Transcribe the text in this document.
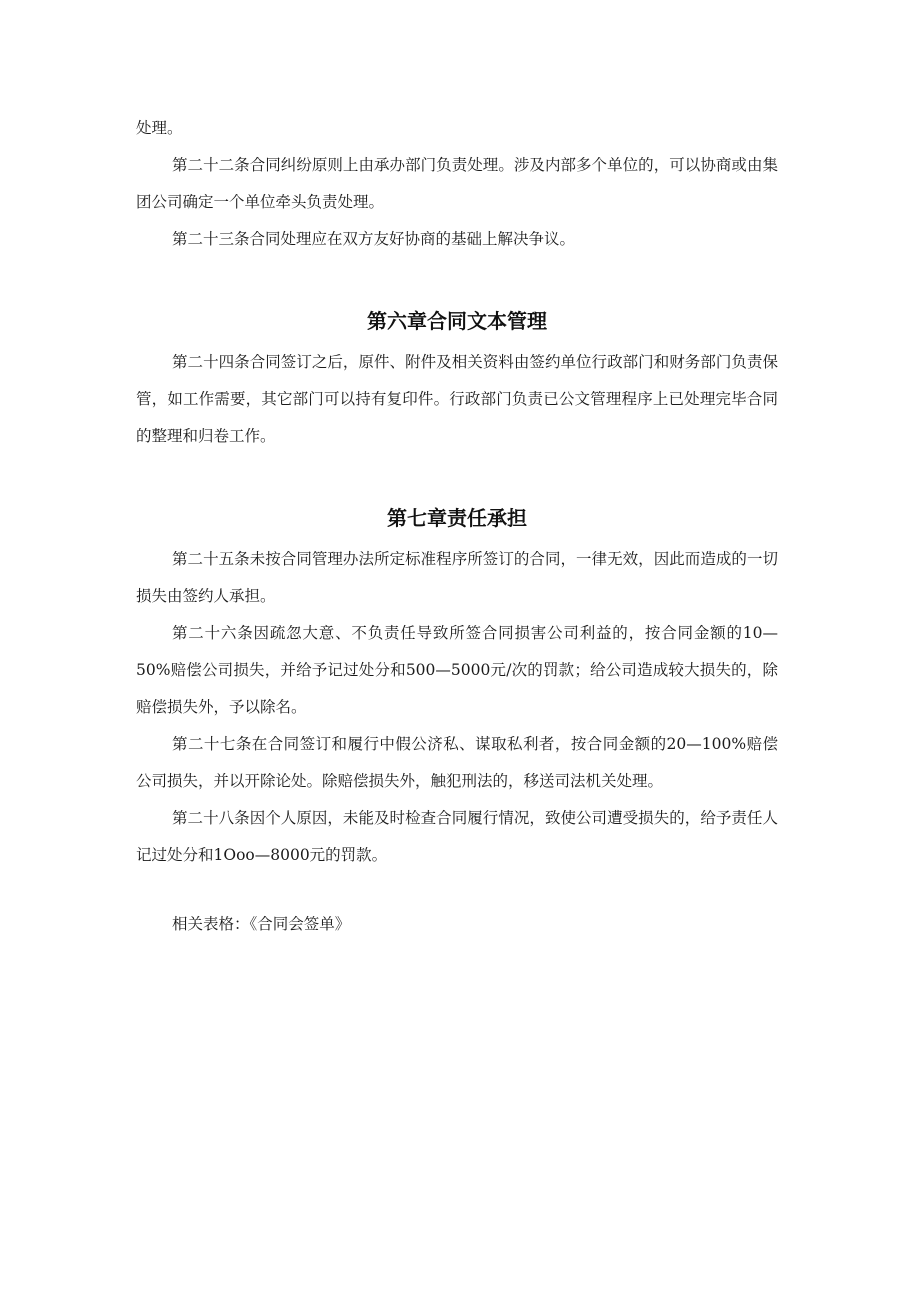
处理。

第二十二条合同纠纷原则上由承办部门负责处理。涉及内部多个单位的，可以协商或由集团公司确定一个单位牵头负责处理。

第二十三条合同处理应在双方友好协商的基础上解决争议。

第六章合同文本管理

第二十四条合同签订之后，原件、附件及相关资料由签约单位行政部门和财务部门负责保管，如工作需要，其它部门可以持有复印件。行政部门负责已公文管理程序上已处理完毕合同的整理和归卷工作。

第七章责任承担

第二十五条未按合同管理办法所定标准程序所签订的合同，一律无效，因此而造成的一切损失由签约人承担。

第二十六条因疏忽大意、不负责任导致所签合同损害公司利益的，按合同金额的10—50%赔偿公司损失，并给予记过处分和500—5000元/次的罚款；给公司造成较大损失的，除赔偿损失外，予以除名。

第二十七条在合同签订和履行中假公济私、谋取私利者，按合同金额的20—100%赔偿公司损失，并以开除论处。除赔偿损失外，触犯刑法的，移送司法机关处理。

第二十八条因个人原因，未能及时检查合同履行情况，致使公司遭受损失的，给予责任人记过处分和1Ooo—8000元的罚款。

相关表格：《合同会签单》
